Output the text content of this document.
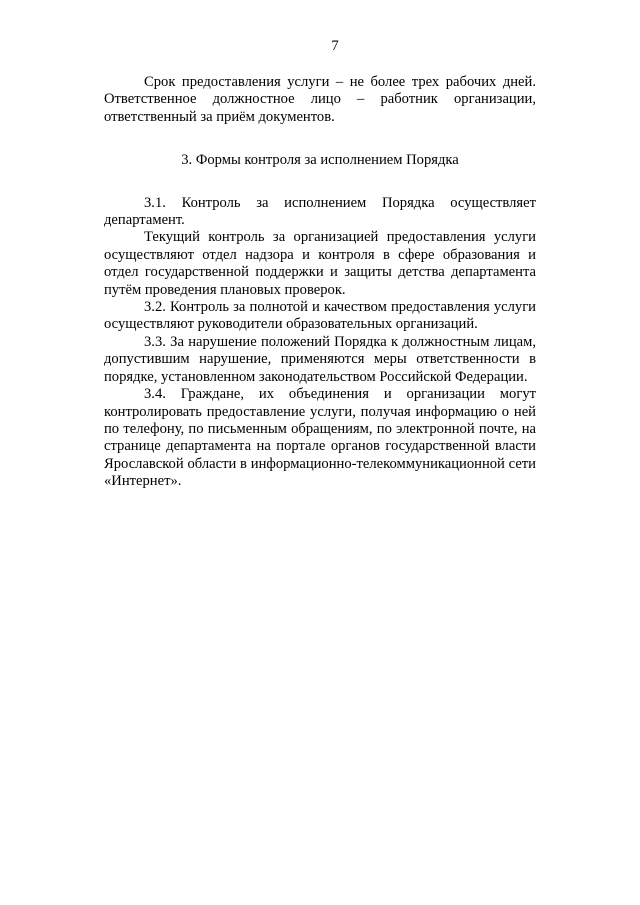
7

Срок предоставления услуги – не более трех рабочих дней. Ответственное должностное лицо – работник организации, ответственный за приём документов.

3. Формы контроля за исполнением Порядка

3.1. Контроль за исполнением Порядка осуществляет департамент.

Текущий контроль за организацией предоставления услуги осуществляют отдел надзора и контроля в сфере образования и отдел государственной поддержки и защиты детства департамента путём проведения плановых проверок.

3.2. Контроль за полнотой и качеством предоставления услуги осуществляют руководители образовательных организаций.

3.3. За нарушение положений Порядка к должностным лицам, допустившим нарушение, применяются меры ответственности в порядке, установленном законодательством Российской Федерации.

3.4. Граждане, их объединения и организации могут контролировать предоставление услуги, получая информацию о ней по телефону, по письменным обращениям, по электронной почте, на странице департамента на портале органов государственной власти Ярославской области в информационно-телекоммуникационной сети «Интернет».
